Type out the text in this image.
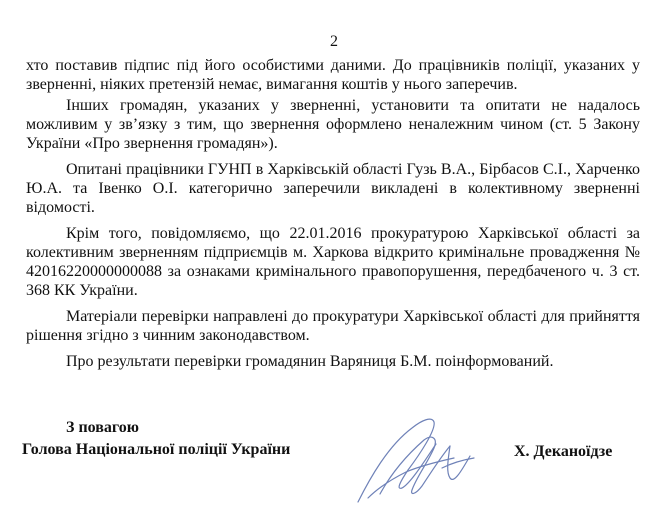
2

хто поставив підпис під його особистими даними. До працівників поліції, указаних у зверненні, ніяких претензій немає, вимагання коштів у нього заперечив.

Інших громадян, указаних у зверненні, установити та опитати не надалось можливим у зв’язку з тим, що звернення оформлено неналежним чином (ст. 5 Закону України «Про звернення громадян»).

Опитані працівники ГУНП в Харківській області Гузь В.А., Бірбасов С.І., Харченко Ю.А. та Івенко О.І. категорично заперечили викладені в колективному зверненні відомості.

Крім того, повідомляємо, що 22.01.2016 прокуратурою Харківської області за колективним зверненням підприємців м. Харкова відкрито кримінальне провадження № 42016220000000088 за ознаками кримінального правопорушення, передбаченого ч. 3 ст. 368 КК України.

Матеріали перевірки направлені до прокуратури Харківської області для прийняття рішення згідно з чинним законодавством.

Про результати перевірки громадянин Варяниця Б.М. поінформований.

З повагою
Голова Національної поліції України	Х. Деканоїдзе
